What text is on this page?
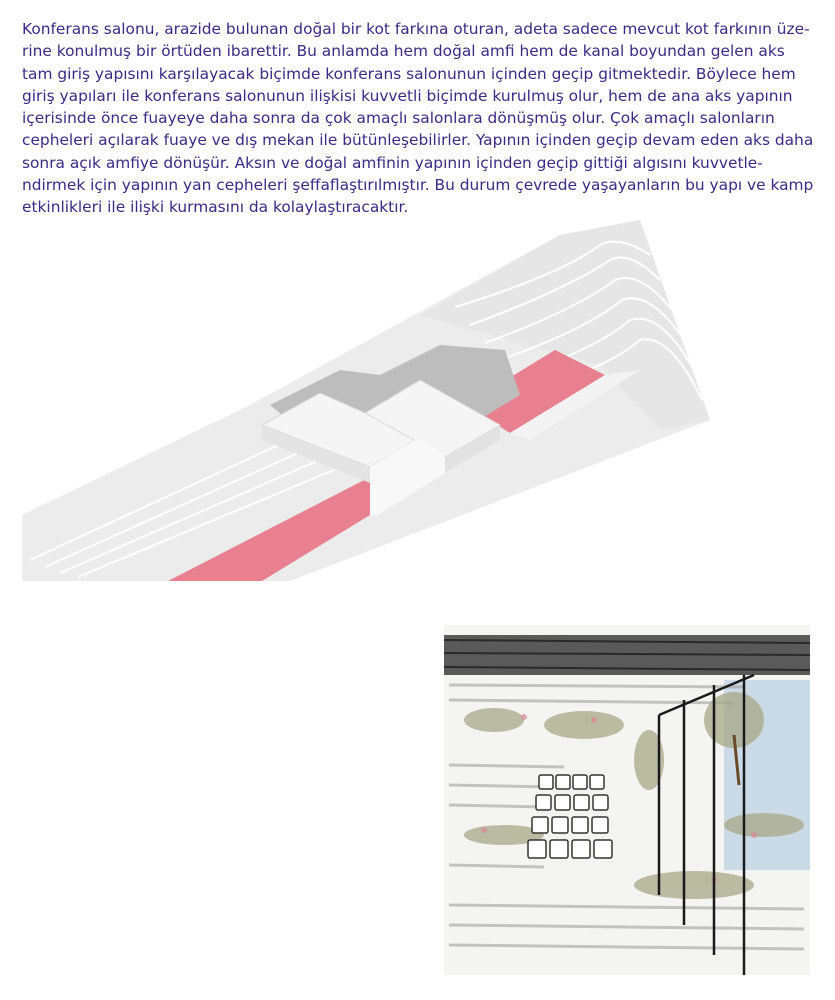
Konferans salonu, arazide bulunan doğal bir kot farkına oturan, adeta sadece mevcut kot farkının üze-
rine konulmuş bir örtüden ibarettir. Bu anlamda hem doğal amfi hem de kanal boyundan gelen aks
tam giriş yapısını karşılayacak biçimde konferans salonunun içinden geçip gitmektedir. Böylece hem
giriş yapıları ile konferans salonunun ilişkisi kuvvetli biçimde kurulmuş olur, hem de ana aks yapının
içerisinde önce fuayeye daha sonra da çok amaçlı salonlara dönüşmüş olur. Çok amaçlı salonların
cepheleri açılarak fuaye ve dış mekan ile bütünleşebilirler. Yapının içinden geçip devam eden aks daha
sonra açık amfiye dönüşür. Aksın ve doğal amfinin yapının içinden geçip gittiği algısını kuvvetle-
ndirmek için yapının yan cepheleri şeffaflaştırılmıştır. Bu durum çevrede yaşayanların bu yapı ve kamp
etkinlikleri ile ilişki kurmasını da kolaylaştıracaktır.
